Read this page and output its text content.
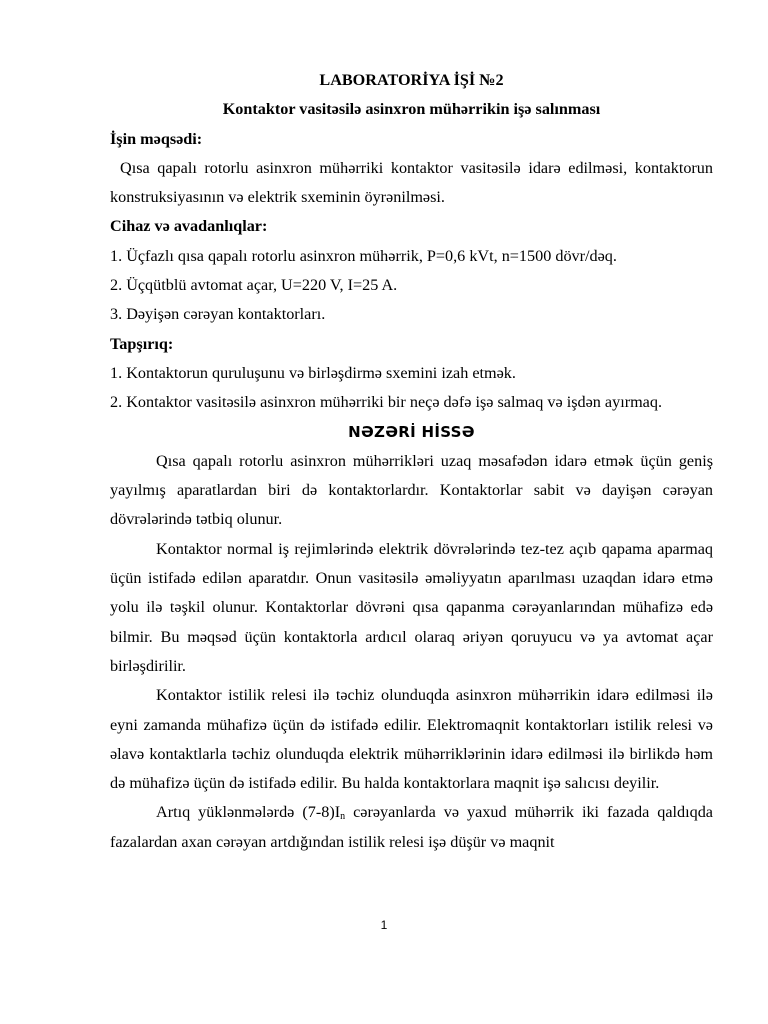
LABORATORİYA İŞİ №2

Kontaktor vasitəsilə asinxron mühərrikin işə salınması

İşin məqsədi:

Qısa qapalı rotorlu asinxron mühərriki kontaktor vasitəsilə idarə edilməsi, kontaktorun konstruksiyasının və elektrik sxeminin öyrənilməsi.

Cihaz və avadanlıqlar:

1. Üçfazlı qısa qapalı rotorlu asinxron mühərrik, P=0,6 kVt, n=1500 dövr/dəq.

2. Üçqütblü avtomat açar, U=220 V, I=25 A.

3. Dəyişən cərəyan kontaktorları.

Tapşırıq:

1. Kontaktorun quruluşunu və birləşdirmə sxemini izah etmək.

2. Kontaktor vasitəsilə asinxron mühərriki bir neçə dəfə işə salmaq və işdən ayırmaq.

NƏZƏRİ HİSSƏ

Qısa qapalı rotorlu asinxron mühərrikləri uzaq məsafədən idarə etmək üçün geniş yayılmış aparatlardan biri də kontaktorlardır. Kontaktorlar sabit və dayişən cərəyan dövrələrində tətbiq olunur.

Kontaktor normal iş rejimlərində elektrik dövrələrində tez-tez açıb qapama aparmaq üçün istifadə edilən aparatdır. Onun vasitəsilə əməliyyatın aparılması uzaqdan idarə etmə yolu ilə təşkil olunur. Kontaktorlar dövrəni qısa qapanma cərəyanlarından mühafizə edə bilmir. Bu məqsəd üçün kontaktorla ardıcıl olaraq əriyən qoruyucu və ya avtomat açar birləşdirilir.

Kontaktor istilik relesi ilə təchiz olunduqda asinxron mühərrikin idarə edilməsi ilə eyni zamanda mühafizə üçün də istifadə edilir. Elektromaqnit kontaktorları istilik relesi və əlavə kontaktlarla təchiz olunduqda elektrik mühərriklərinin idarə edilməsi ilə birlikdə həm də mühafizə üçün də istifadə edilir. Bu halda kontaktorlara maqnit işə salıcısı deyilir.

Artıq yüklənmələrdə $(7-8)I_n$ cərəyanlarda və yaxud mühərrik iki fazada qaldıqda fazalardan axan cərəyan artdığından istilik relesi işə düşür və maqnit

1
